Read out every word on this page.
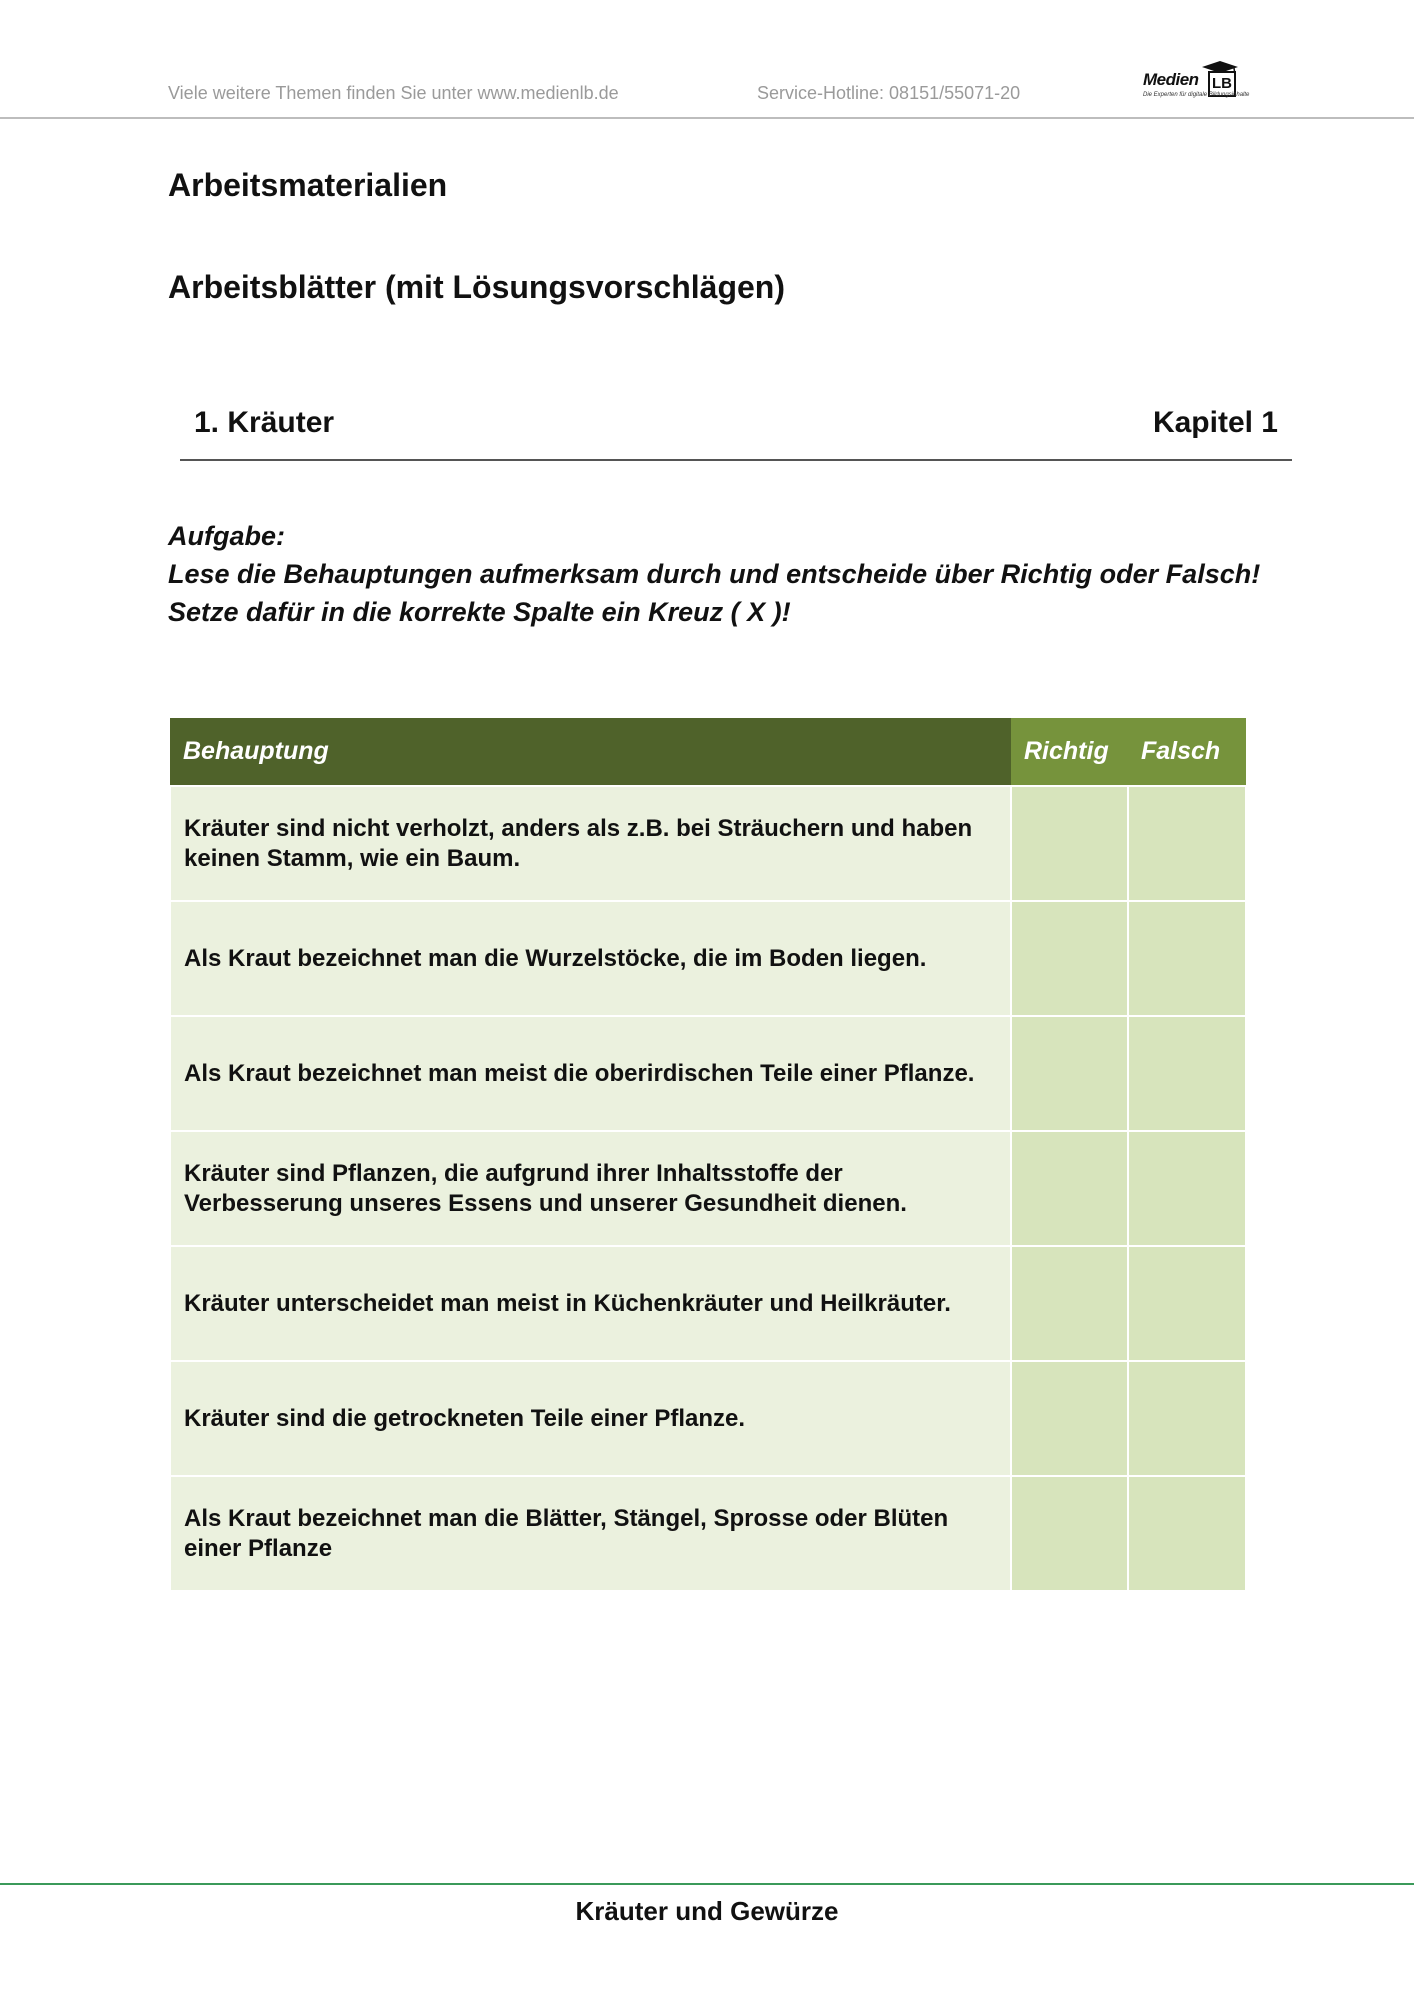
Viele weitere Themen finden Sie unter www.medienlb.de	Service-Hotline: 08151/55071-20
Medien LB
Die Experten für digitale Bildungsinhalte
Arbeitsmaterialien
Arbeitsblätter (mit Lösungsvorschlägen)
1. Kräuter	Kapitel 1
Aufgabe:
Lese die Behauptungen aufmerksam durch und entscheide über Richtig oder Falsch! Setze dafür in die korrekte Spalte ein Kreuz ( X )!
Behauptung	Richtig	Falsch
Kräuter sind nicht verholzt, anders als z.B. bei Sträuchern und haben keinen Stamm, wie ein Baum.		
Als Kraut bezeichnet man die Wurzelstöcke, die im Boden liegen.		
Als Kraut bezeichnet man meist die oberirdischen Teile einer Pflanze.		
Kräuter sind Pflanzen, die aufgrund ihrer Inhaltsstoffe der Verbesserung unseres Essens und unserer Gesundheit dienen.		
Kräuter unterscheidet man meist in Küchenkräuter und Heilkräuter.		
Kräuter sind die getrockneten Teile einer Pflanze.		
Als Kraut bezeichnet man die Blätter, Stängel, Sprosse oder Blüten einer Pflanze		
Kräuter und Gewürze
